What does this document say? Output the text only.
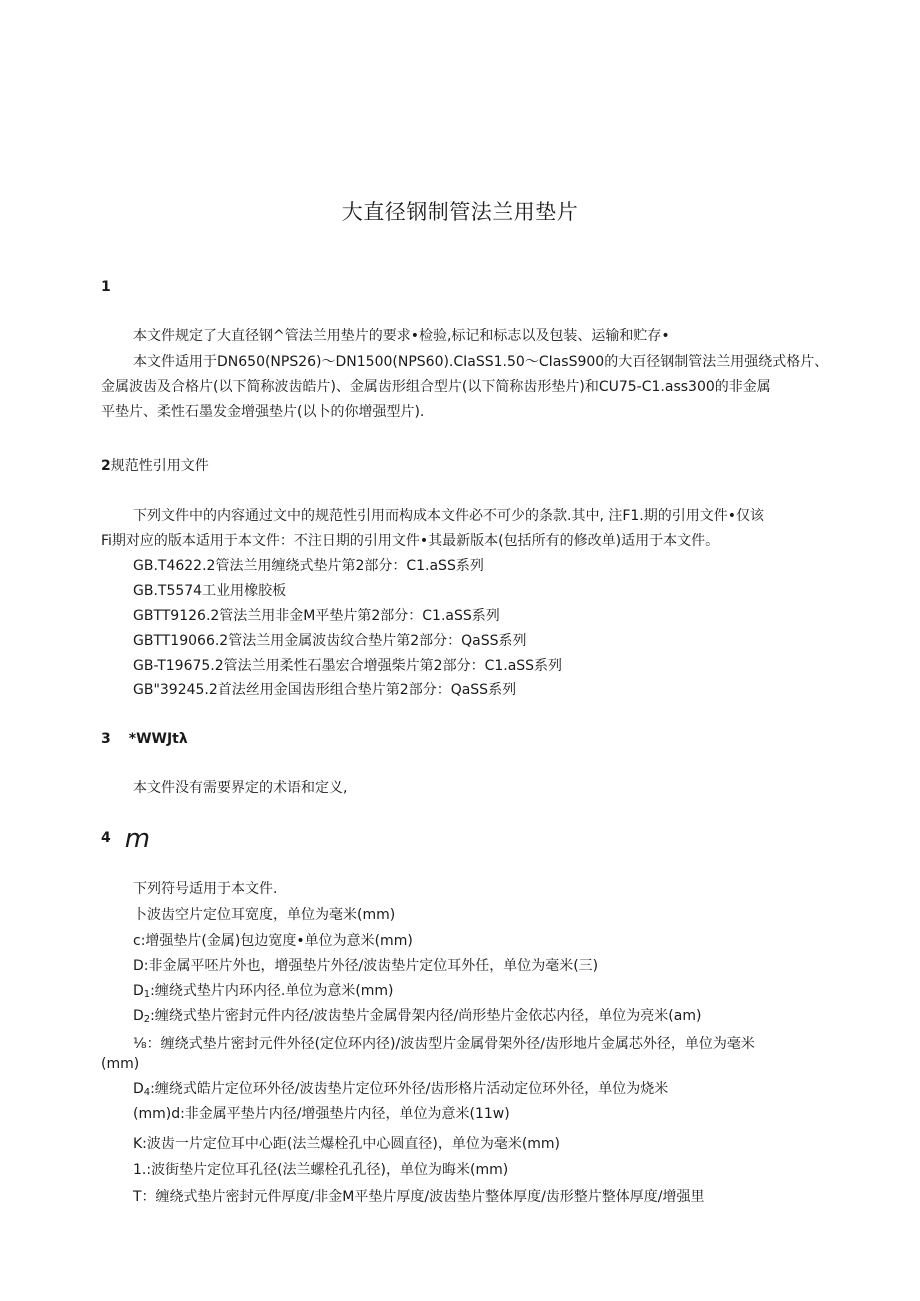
大直径钢制管法兰用垫片
1
本文件规定了大直径钢^管法兰用垫片的要求•检验,标记和标志以及包装、运输和贮存•
本文件适用于DN650(NPS26)〜DN1500(NPS60).CIaSS1.50〜CIasS900的大百径钢制管法兰用强绕式格片、
金属波齿及合格片(以下简称波齿皓片)、金属齿形组合型片(以下简称齿形垫片)和CU75-C1.ass300的非金属
平垫片、柔性石墨发金增强垫片(以卜的你增强型片).
2规范性引用文件
下列文件中的内容通过文中的规范性引用而构成本文件必不可少的条款.其中, 注F1.期的引用文件•仅该
Fi期对应的版本适用于本文件：不注日期的引用文件•其最新版本(包括所有的修改单)适用于本文件。
GB.T4622.2管法兰用缠绕式垫片第2部分：C1.aSS系列
GB.T5574工业用橡胶板
GBTT9126.2管法兰用非金M平垫片第2部分：C1.aSS系列
GBTT19066.2管法兰用金属波齿纹合垫片第2部分：QaSS系列
GB-T19675.2管法兰用柔性石墨宏合增强柴片第2部分：C1.aSS系列
GB"39245.2首法丝用金国齿形组合垫片第2部分：QaSS系列
3 *WWJtλ
本文件没有需要界定的术语和定义,
4 m
下列符号适用于本文件.
卜波齿空片定位耳宽度，单位为毫米(mm)
c:增强垫片(金属)包边宽度•单位为意米(mm)
D:非金属平呸片外也，增强垫片外径/波齿垫片定位耳外任，单位为毫米(三)
$D_1$:缠绕式垫片内环内径.单位为意米(mm)
$D_2$:缠绕式垫片密封元件内径/波齿垫片金属骨架内径/尚形垫片金依芯内径，单位为亮米(am)
⅛：缠绕式垫片密封元件外径(定位环内径)/波齿型片金属骨架外径/齿形地片金属芯外径，单位为毫米
(mm)
$D_4$:缠绕式皓片定位环外径/波齿垫片定位环外径/齿形格片活动定位环外径，单位为烧米
(mm)d:非金属平垫片内径/增强垫片内径，单位为意米(11w)
K:波齿一片定位耳中心距(法兰爆栓孔中心圆直径)，单位为毫米(mm)
1.:波街垫片定位耳孔径(法兰螺栓孔孔径)，单位为晦米(mm)
T：缠绕式垫片密封元件厚度/非金M平垫片厚度/波齿垫片整体厚度/齿形整片整体厚度/增强里
